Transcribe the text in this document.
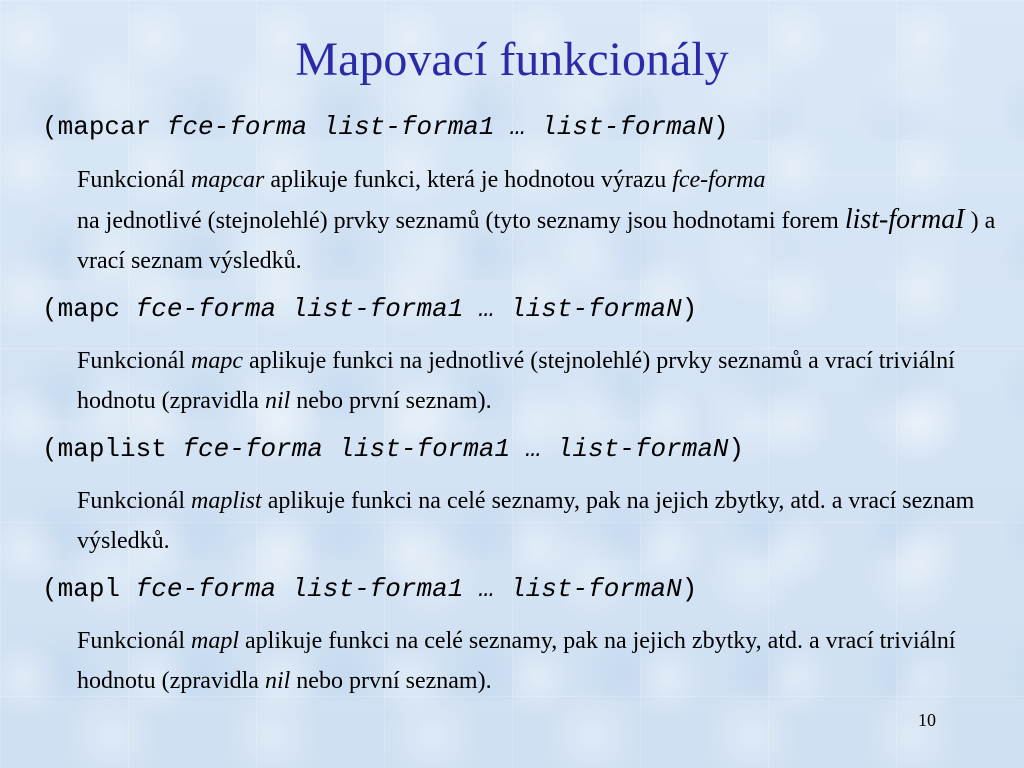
Mapovací funkcionály
(mapcar fce-forma list-forma1 … list-formaN)
Funkcionál mapcar aplikuje funkci, která je hodnotou výrazu fce-forma
na jednotlivé (stejnolehlé) prvky seznamů (tyto seznamy jsou hodnotami forem list-formaI ) a vrací seznam výsledků.
(mapc fce-forma list-forma1 … list-formaN)
Funkcionál mapc aplikuje funkci na jednotlivé (stejnolehlé) prvky seznamů a vrací triviální hodnotu (zpravidla nil nebo první seznam).
(maplist fce-forma list-forma1 … list-formaN)
Funkcionál maplist aplikuje funkci na celé seznamy, pak na jejich zbytky, atd. a vrací seznam výsledků.
(mapl fce-forma list-forma1 … list-formaN)
Funkcionál mapl aplikuje funkci na celé seznamy, pak na jejich zbytky, atd. a vrací triviální hodnotu (zpravidla nil nebo první seznam).
10
